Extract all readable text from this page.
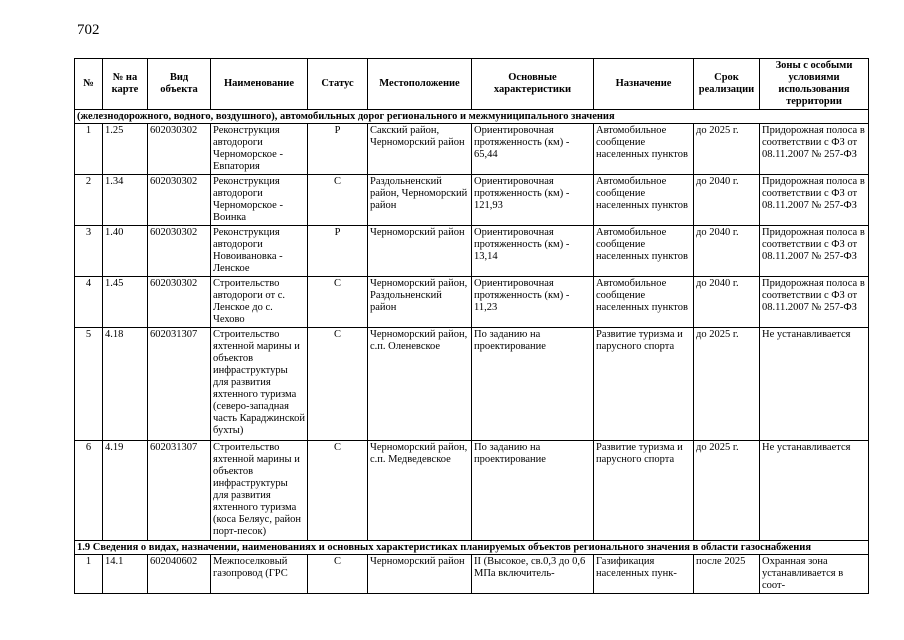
702
№	№ на карте	Вид объекта	Наименование	Статус	Местоположение	Основные характеристики	Назначение	Срок реализации	Зоны с особыми условиями использования территории
(железнодорожного, водного, воздушного), автомобильных дорог регионального и межмуниципального значения									
1	1.25	602030302	Реконструкция автодороги Черноморское - Евпатория	Р	Сакский район, Черноморский район	Ориентировочная протяженность (км) - 65,44	Автомобильное сообщение населенных пунктов	до 2025 г.	Придорожная полоса в соответствии с ФЗ от 08.11.2007 № 257-ФЗ
2	1.34	602030302	Реконструкция автодороги Черноморское - Воинка	С	Раздольненский район, Черноморский район	Ориентировочная протяженность (км) - 121,93	Автомобильное сообщение населенных пунктов	до 2040 г.	Придорожная полоса в соответствии с ФЗ от 08.11.2007 № 257-ФЗ
3	1.40	602030302	Реконструкция автодороги Новоивановка - Ленское	Р	Черноморский район	Ориентировочная протяженность (км) - 13,14	Автомобильное сообщение населенных пунктов	до 2040 г.	Придорожная полоса в соответствии с ФЗ от 08.11.2007 № 257-ФЗ
4	1.45	602030302	Строительство автодороги от с. Ленское до с. Чехово	С	Черноморский район, Раздольненский район	Ориентировочная протяженность (км) - 11,23	Автомобильное сообщение населенных пунктов	до 2040 г.	Придорожная полоса в соответствии с ФЗ от 08.11.2007 № 257-ФЗ
5	4.18	602031307	Строительство яхтенной марины и объектов инфраструктуры для развития яхтенного туризма (северо-западная часть Караджинской бухты)	С	Черноморский район, с.п. Оленевское	По заданию на проектирование	Развитие туризма и парусного спорта	до 2025 г.	Не устанавливается
6	4.19	602031307	Строительство яхтенной марины и объектов инфраструктуры для развития яхтенного туризма (коса Беляус, район порт-песок)	С	Черноморский район, с.п. Медведевское	По заданию на проектирование	Развитие туризма и парусного спорта	до 2025 г.	Не устанавливается
1.9 Сведения о видах, назначении, наименованиях и основных характеристиках планируемых объектов регионального значения в области газоснабжения									
1	14.1	602040602	Межпоселковый газопровод (ГРС	С	Черноморский район	II (Высокое, св.0,3 до 0,6 МПа включитель-	Газификация населенных пунк-	после 2025	Охранная зона устанавливается в соот-
